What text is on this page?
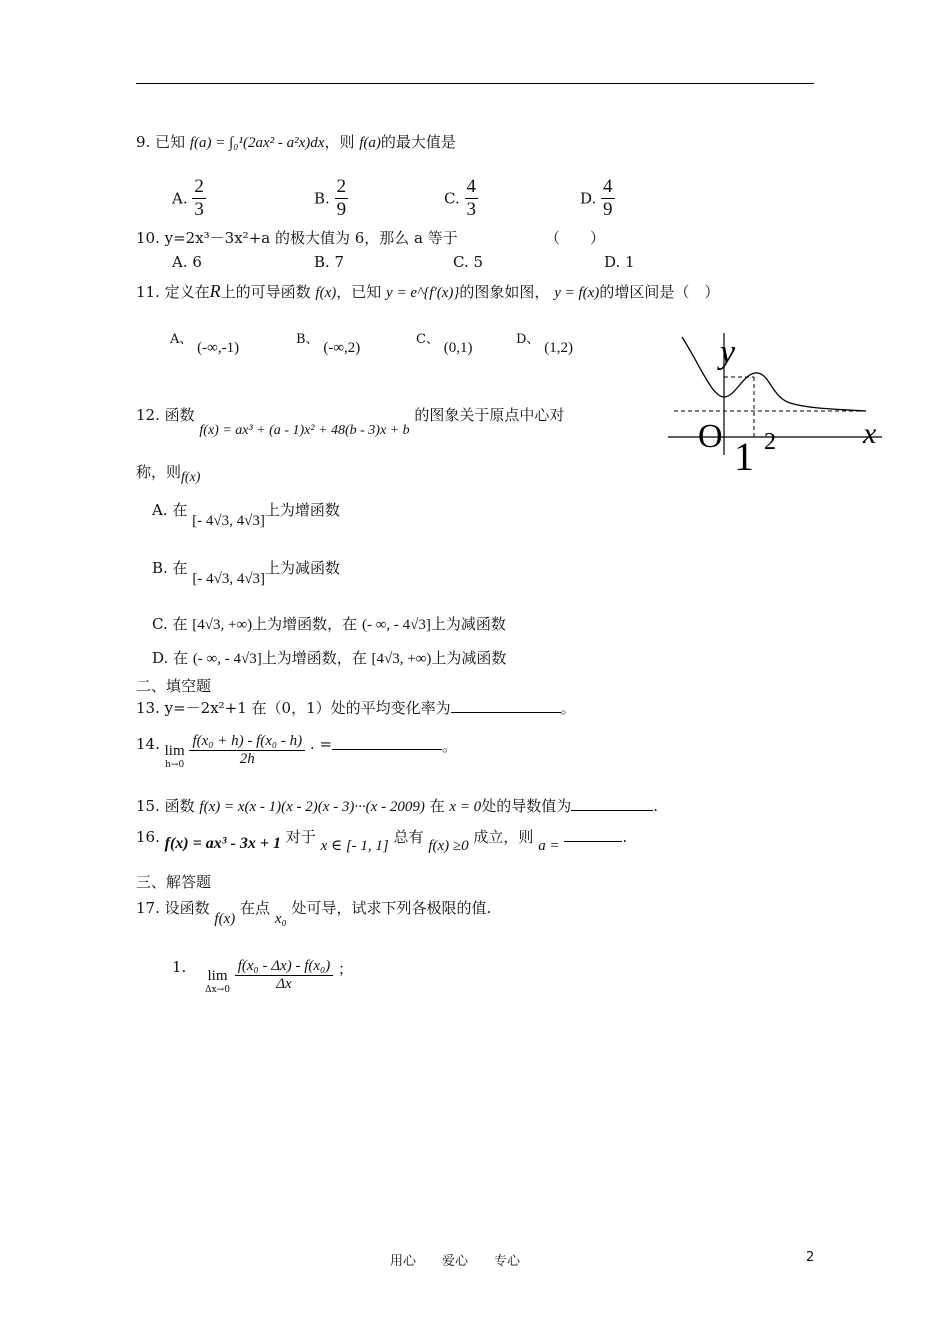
9. 已知 f(a) = ∫₀¹(2ax² - a²x)dx，则 f(a)的最大值是
A. $\frac{2}{3}$	B. $\frac{2}{9}$	C. $\frac{4}{3}$	D. $\frac{4}{9}$
10. y=2x³－3x²+a 的极大值为 6，那么 a 等于	（　　）
A. 6	B. 7	C. 5	D. 1
11. 定义在R上的可导函数 f(x)，已知 y = e^{f′(x)}的图象如图， y = f(x)的增区间是（　）
A、 (-∞,-1)
B、 (-∞,2)
C、 (0,1)
D、 (1,2)	y
x
O 1 2
12. 函数 f(x) = ax³ + (a - 1)x² + 48(b - 3)x + b 的图象关于原点中心对
称，则f(x)
A. 在 [- 4√3, 4√3]上为增函数
B. 在 [- 4√3, 4√3]上为减函数
C. 在 [4√3, +∞)上为增函数，在 (- ∞, - 4√3]上为减函数
D. 在 (- ∞, - 4√3]上为增函数，在 [4√3, +∞)上为减函数
二、填空题
13. y=－2x²+1 在（0，1）处的平均变化率为	。
14. lim
h→0
$\frac{\text{f(x₀ + h) - f(x₀ - h)}}{2h}$ . =	。
15. 函数 f(x) = x(x - 1)(x - 2)(x - 3)···(x - 2009) 在 x = 0处的导数值为	.
16. f(x) = ax³ - 3x + 1 对于 x ∈ [- 1, 1] 总有 f(x) ≥0 成立，则 a =	.
三、解答题
17. 设函数 f(x) 在点 x₀ 处可导，试求下列各极限的值.
1. lim
Δx→0
$\frac{\text{f(x₀ - Δx) - f(x₀)}}{\Delta x}$ ；
用心　　爱心　　专心	2
